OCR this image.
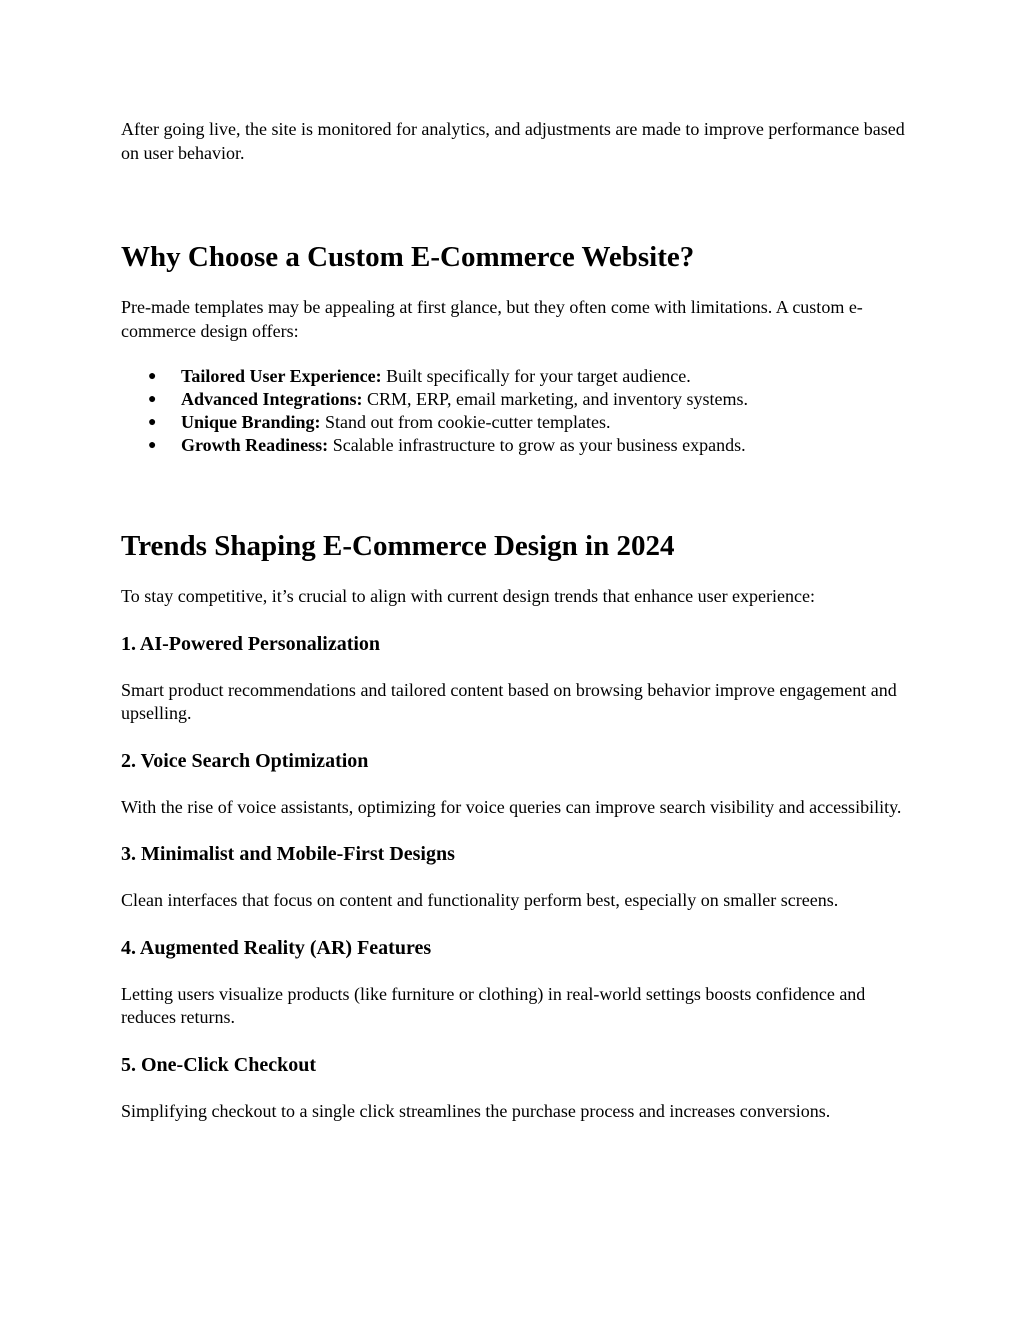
After going live, the site is monitored for analytics, and adjustments are made to improve performance based on user behavior.

Why Choose a Custom E-Commerce Website?

Pre-made templates may be appealing at first glance, but they often come with limitations. A custom e-commerce design offers:

● Tailored User Experience: Built specifically for your target audience.
● Advanced Integrations: CRM, ERP, email marketing, and inventory systems.
● Unique Branding: Stand out from cookie-cutter templates.
● Growth Readiness: Scalable infrastructure to grow as your business expands.
Trends Shaping E-Commerce Design in 2024

To stay competitive, it’s crucial to align with current design trends that enhance user experience:

1. AI-Powered Personalization

Smart product recommendations and tailored content based on browsing behavior improve engagement and upselling.

2. Voice Search Optimization

With the rise of voice assistants, optimizing for voice queries can improve search visibility and accessibility.

3. Minimalist and Mobile-First Designs

Clean interfaces that focus on content and functionality perform best, especially on smaller screens.

4. Augmented Reality (AR) Features

Letting users visualize products (like furniture or clothing) in real-world settings boosts confidence and reduces returns.

5. One-Click Checkout

Simplifying checkout to a single click streamlines the purchase process and increases conversions.
